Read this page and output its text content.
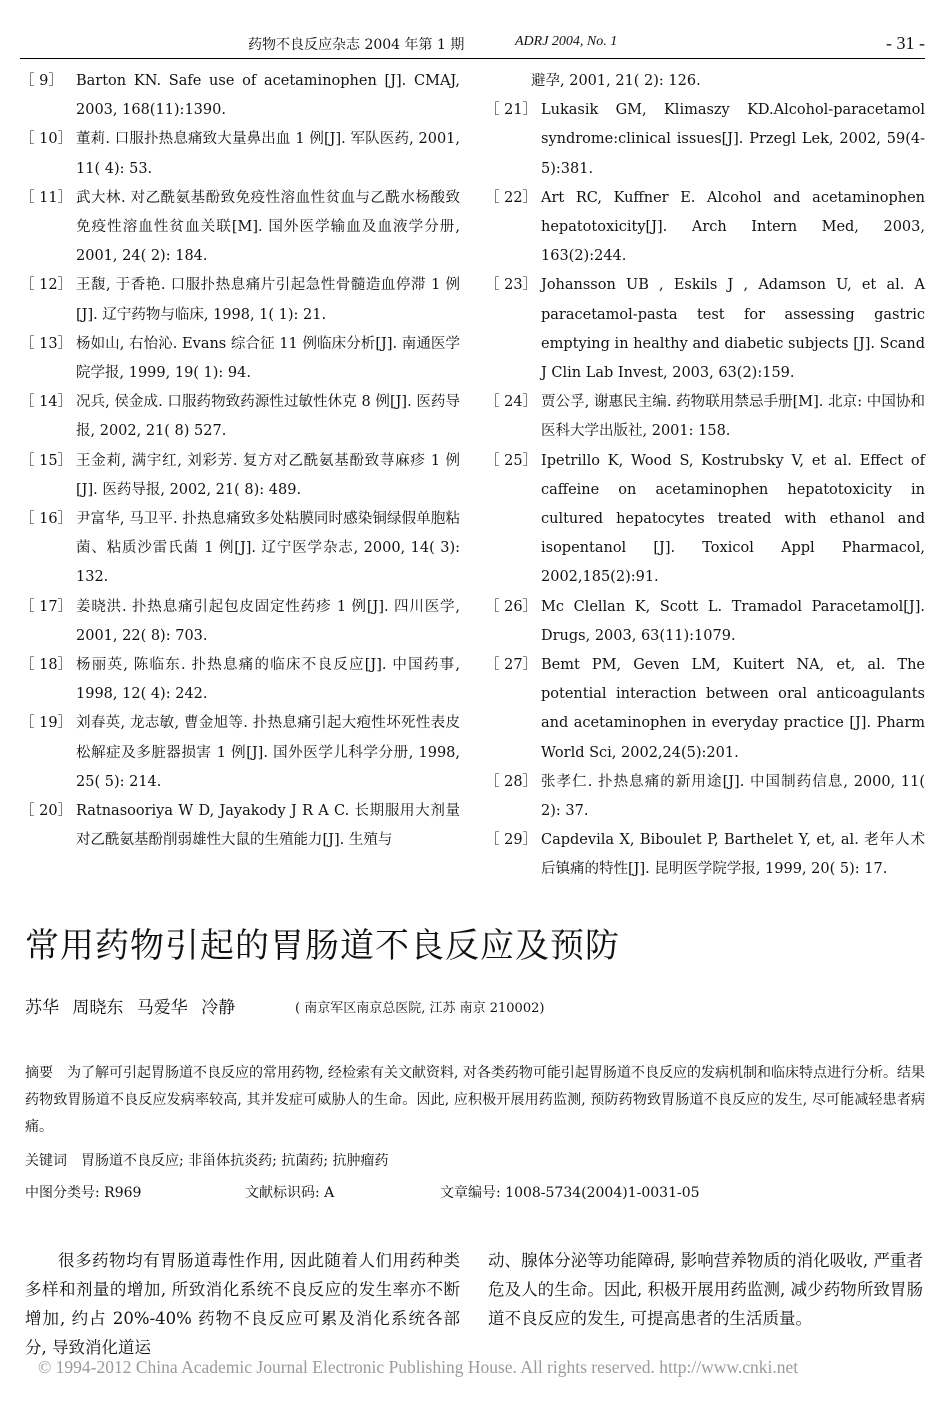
药物不良反应杂志 2004 年第 1 期	ADRJ 2004, No. 1	- 31 -
［ 9］ Barton KN. Safe use of acetaminophen [J]. CMAJ, 2003, 168(11):1390.
［ 10］ 董莉. 口服扑热息痛致大量鼻出血 1 例[J]. 军队医药, 2001, 11( 4): 53.
［ 11］ 武大林. 对乙酰氨基酚致免疫性溶血性贫血与乙酰水杨酸致免疫性溶血性贫血关联[M]. 国外医学输血及血液学分册, 2001, 24( 2): 184.
［ 12］ 王馥, 于香艳. 口服扑热息痛片引起急性骨髓造血停滞 1 例[J]. 辽宁药物与临床, 1998, 1( 1): 21.
［ 13］ 杨如山, 右怡沁. Evans 综合征 11 例临床分析[J]. 南通医学院学报, 1999, 19( 1): 94.
［ 14］ 况兵, 侯金成. 口服药物致药源性过敏性休克 8 例[J]. 医药导报, 2002, 21( 8) 527.
［ 15］ 王金莉, 满宇红, 刘彩芳. 复方对乙酰氨基酚致荨麻疹 1 例[J]. 医药导报, 2002, 21( 8): 489.
［ 16］ 尹富华, 马卫平. 扑热息痛致多处粘膜同时感染铜绿假单胞粘菌、粘质沙雷氏菌 1 例[J]. 辽宁医学杂志, 2000, 14( 3): 132.
［ 17］ 姜晓洪. 扑热息痛引起包皮固定性药疹 1 例[J]. 四川医学, 2001, 22( 8): 703.
［ 18］ 杨丽英, 陈临东. 扑热息痛的临床不良反应[J]. 中国药事, 1998, 12( 4): 242.
［ 19］ 刘春英, 龙志敏, 曹金旭等. 扑热息痛引起大疱性坏死性表皮松解症及多脏器损害 1 例[J]. 国外医学儿科学分册, 1998, 25( 5): 214.
［ 20］ Ratnasooriya W D, Jayakody J R A C. 长期服用大剂量对乙酰氨基酚削弱雄性大鼠的生殖能力[J]. 生殖与
避孕, 2001, 21( 2): 126.
［ 21］ Lukasik GM, Klimaszy KD.Alcohol-paracetamol syndrome:clinical issues[J]. Przegl Lek, 2002, 59(4-5):381.
［ 22］ Art RC, Kuffner E. Alcohol and acetaminophen hepatotoxicity[J]. Arch Intern Med, 2003, 163(2):244.
［ 23］ Johansson UB , Eskils J , Adamson U, et al. A paracetamol-pasta test for assessing gastric emptying in healthy and diabetic subjects [J]. Scand J Clin Lab Invest, 2003, 63(2):159.
［ 24］ 贾公孚, 谢惠民主编. 药物联用禁忌手册[M]. 北京: 中国协和医科大学出版社, 2001: 158.
［ 25］ Ipetrillo K, Wood S, Kostrubsky V, et al. Effect of caffeine on acetaminophen hepatotoxicity in cultured hepatocytes treated with ethanol and isopentanol [J]. Toxicol Appl Pharmacol, 2002,185(2):91.
［ 26］ Mc Clellan K, Scott L. Tramadol Paracetamol[J]. Drugs, 2003, 63(11):1079.
［ 27］ Bemt PM, Geven LM, Kuitert NA, et, al. The potential interaction between oral anticoagulants and acetaminophen in everyday practice [J]. Pharm World Sci, 2002,24(5):201.
［ 28］ 张孝仁. 扑热息痛的新用途[J]. 中国制药信息, 2000, 11( 2): 37.
［ 29］ Capdevila X, Biboulet P, Barthelet Y, et, al. 老年人术后镇痛的特性[J]. 昆明医学院学报, 1999, 20( 5): 17.
常用药物引起的胃肠道不良反应及预防
苏华 周晓东 马爱华 冷静	( 南京军区南京总医院, 江苏 南京 210002)
摘要 为了解可引起胃肠道不良反应的常用药物, 经检索有关文献资料, 对各类药物可能引起胃肠道不良反应的发病机制和临床特点进行分析。结果药物致胃肠道不良反应发病率较高, 其并发症可威胁人的生命。因此, 应积极开展用药监测, 预防药物致胃肠道不良反应的发生, 尽可能减轻患者病痛。
关键词 胃肠道不良反应; 非甾体抗炎药; 抗菌药; 抗肿瘤药
中图分类号: R969	文献标识码: A	文章编号: 1008-5734(2004)1-0031-05
很多药物均有胃肠道毒性作用, 因此随着人们用药种类多样和剂量的增加, 所致消化系统不良反应的发生率亦不断增加, 约占 20%-40% 药物不良反应可累及消化系统各部分, 导致消化道运
动、腺体分泌等功能障碍, 影响营养物质的消化吸收, 严重者危及人的生命。因此, 积极开展用药监测, 减少药物所致胃肠道不良反应的发生, 可提高患者的生活质量。
© 1994-2012 China Academic Journal Electronic Publishing House. All rights reserved. http://www.cnki.net
